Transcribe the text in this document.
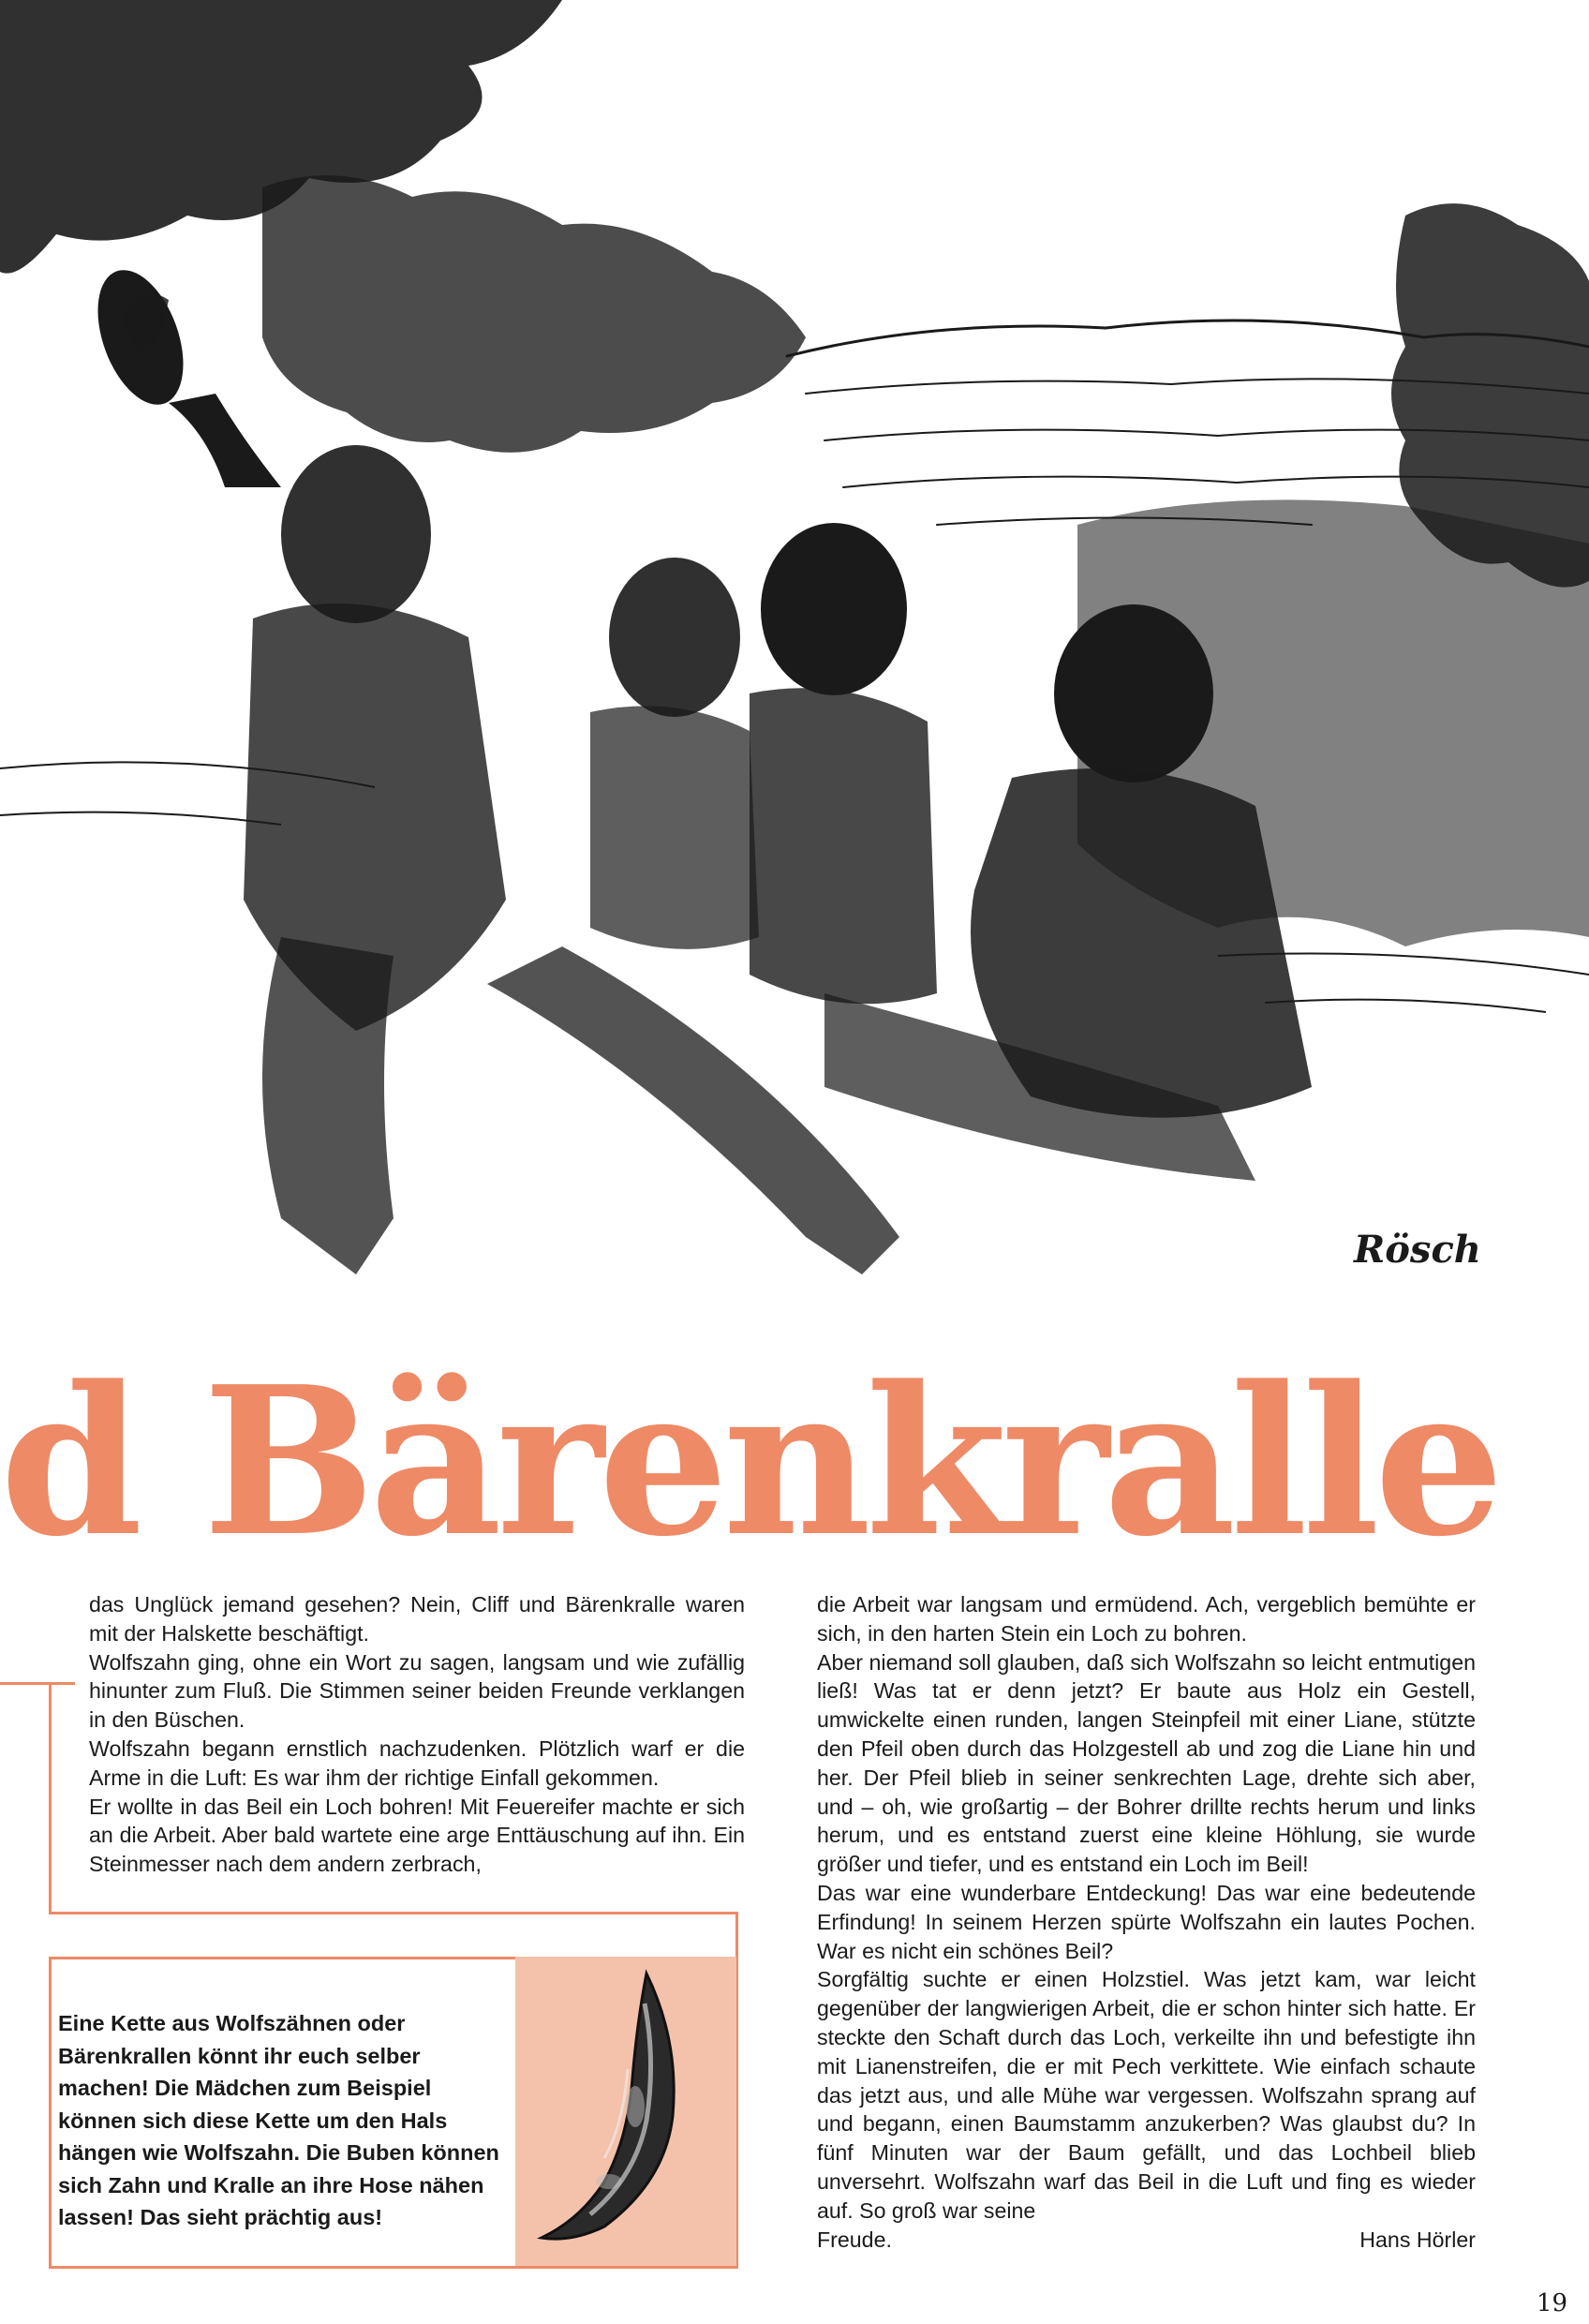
Rösch
d Bärenkralle

das Unglück jemand gesehen? Nein, Cliff und Bärenkralle waren mit der Halskette beschäftigt.

Wolfszahn ging, ohne ein Wort zu sagen, langsam und wie zufällig hinunter zum Fluß. Die Stimmen seiner beiden Freunde verklangen in den Büschen.

Wolfszahn begann ernstlich nachzudenken. Plötzlich warf er die Arme in die Luft: Es war ihm der richtige Einfall gekommen.

Er wollte in das Beil ein Loch bohren! Mit Feuereifer machte er sich an die Arbeit. Aber bald wartete eine arge Enttäuschung auf ihn. Ein Steinmesser nach dem andern zerbrach,

die Arbeit war langsam und ermüdend. Ach, vergeblich bemühte er sich, in den harten Stein ein Loch zu bohren.

Aber niemand soll glauben, daß sich Wolfszahn so leicht entmutigen ließ! Was tat er denn jetzt? Er baute aus Holz ein Gestell, umwickelte einen runden, langen Steinpfeil mit einer Liane, stützte den Pfeil oben durch das Holzgestell ab und zog die Liane hin und her. Der Pfeil blieb in seiner senkrechten Lage, drehte sich aber, und – oh, wie großartig – der Bohrer drillte rechts herum und links herum, und es entstand zuerst eine kleine Höhlung, sie wurde größer und tiefer, und es entstand ein Loch im Beil!

Das war eine wunderbare Entdeckung! Das war eine bedeutende Erfindung! In seinem Herzen spürte Wolfszahn ein lautes Pochen. War es nicht ein schönes Beil?

Sorgfältig suchte er einen Holzstiel. Was jetzt kam, war leicht gegenüber der langwierigen Arbeit, die er schon hinter sich hatte. Er steckte den Schaft durch das Loch, verkeilte ihn und befestigte ihn mit Lianenstreifen, die er mit Pech verkittete. Wie einfach schaute das jetzt aus, und alle Mühe war vergessen. Wolfszahn sprang auf und begann, einen Baumstamm anzukerben? Was glaubst du? In fünf Minuten war der Baum gefällt, und das Lochbeil blieb unversehrt. Wolfszahn warf das Beil in die Luft und fing es wieder auf. So groß war seine

Freude.	Hans Hörler
Eine Kette aus Wolfszähnen oder Bärenkrallen könnt ihr euch selber machen! Die Mädchen zum Beispiel können sich diese Kette um den Hals hängen wie Wolfszahn. Die Buben können sich Zahn und Kralle an ihre Hose nähen lassen! Das sieht prächtig aus!
19
